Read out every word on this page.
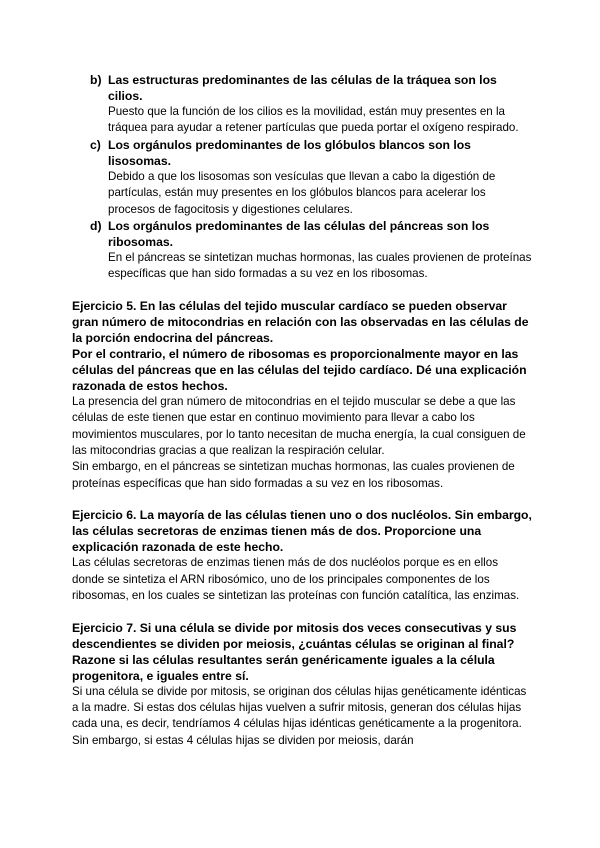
b) Las estructuras predominantes de las células de la tráquea son los cilios.
Puesto que la función de los cilios es la movilidad, están muy presentes en la tráquea para ayudar a retener partículas que pueda portar el oxígeno respirado.
c) Los orgánulos predominantes de los glóbulos blancos son los lisosomas.
Debido a que los lisosomas son vesículas que llevan a cabo la digestión de partículas, están muy presentes en los glóbulos blancos para acelerar los procesos de fagocitosis y digestiones celulares.
d) Los orgánulos predominantes de las células del páncreas son los ribosomas.
En el páncreas se sintetizan muchas hormonas, las cuales provienen de proteínas específicas que han sido formadas a su vez en los ribosomas.
Ejercicio 5. En las células del tejido muscular cardíaco se pueden observar gran número de mitocondrias en relación con las observadas en las células de la porción endocrina del páncreas.
Por el contrario, el número de ribosomas es proporcionalmente mayor en las células del páncreas que en las células del tejido cardíaco. Dé una explicación razonada de estos hechos.
La presencia del gran número de mitocondrias en el tejido muscular se debe a que las células de este tienen que estar en continuo movimiento para llevar a cabo los movimientos musculares, por lo tanto necesitan de mucha energía, la cual consiguen de las mitocondrias gracias a que realizan la respiración celular.
Sin embargo, en el páncreas se sintetizan muchas hormonas, las cuales provienen de proteínas específicas que han sido formadas a su vez en los ribosomas.
Ejercicio 6. La mayoría de las células tienen uno o dos nucléolos. Sin embargo, las células secretoras de enzimas tienen más de dos. Proporcione una explicación razonada de este hecho.
Las células secretoras de enzimas tienen más de dos nucléolos porque es en ellos donde se sintetiza el ARN ribosómico, uno de los principales componentes de los ribosomas, en los cuales se sintetizan las proteínas con función catalítica, las enzimas.
Ejercicio 7. Si una célula se divide por mitosis dos veces consecutivas y sus descendientes se dividen por meiosis, ¿cuántas células se originan al final? Razone si las células resultantes serán genéricamente iguales a la célula progenitora, e iguales entre sí.
Si una célula se divide por mitosis, se originan dos células hijas genéticamente idénticas a la madre. Si estas dos células hijas vuelven a sufrir mitosis, generan dos células hijas cada una, es decir, tendríamos 4 células hijas idénticas genéticamente a la progenitora. Sin embargo, si estas 4 células hijas se dividen por meiosis, darán
